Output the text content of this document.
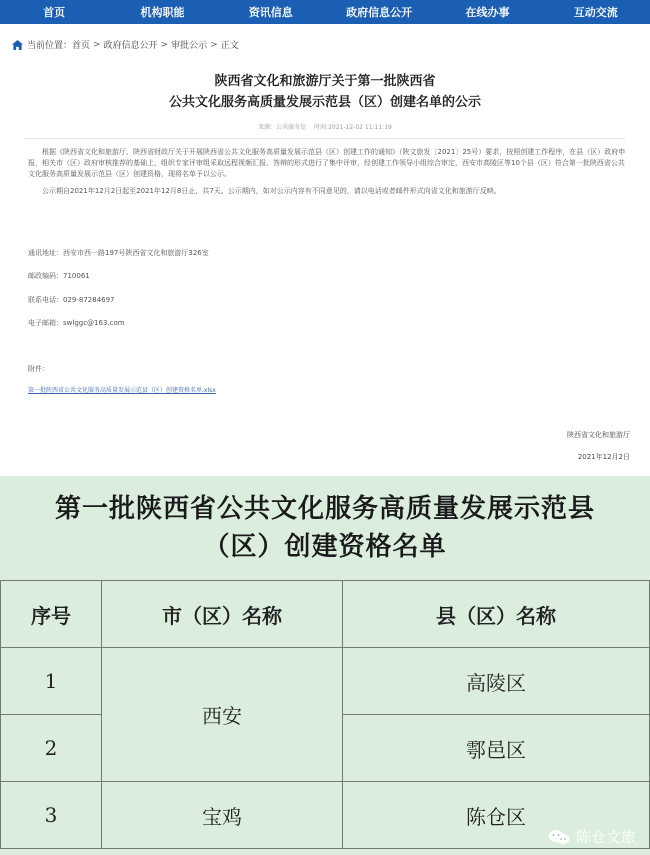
首页	机构职能	资讯信息	政府信息公开	在线办事	互动交流
当前位置： 首页 > 政府信息公开 > 审批公示 > 正文
陕西省文化和旅游厅关于第一批陕西省
公共文化服务高质量发展示范县（区）创建名单的公示
来源：公共服务处 时间:2021-12-02 11:11:19
根据《陕西省文化和旅游厅、陕西省财政厅关于开展陕西省公共文化服务高质量发展示范县（区）创建工作的通知》（陕文旅发〔2021〕25号）要求，按照创建工作程序，在县（区）政府申报，相关市（区）政府审核推荐的基础上，组织专家评审组采取远程视频汇报、答辩的形式进行了集中评审，经创建工作领导小组综合审定，西安市高陵区等10个县（区）符合第一批陕西省公共文化服务高质量发展示范县（区）创建资格，现将名单予以公示。
公示期自2021年12月2日起至2021年12月8日止，共7天。公示期内，如对公示内容有不同意见的，请以电话或者邮件形式向省文化和旅游厅反映。
通讯地址：西安市西一路197号陕西省文化和旅游厅326室
邮政编码：710061
联系电话：029-87284697
电子邮箱：swlggc@163.com
附件：
第一批陕西省公共文化服务高质量发展示范县（区）创建资格名单.xlsx
陕西省文化和旅游厅
2021年12月2日
第一批陕西省公共文化服务高质量发展示范县
（区）创建资格名单
序号	市（区）名称	县（区）名称
1	西安	高陵区
2		鄠邑区
3	宝鸡	陈仓区
陈仓文旅
